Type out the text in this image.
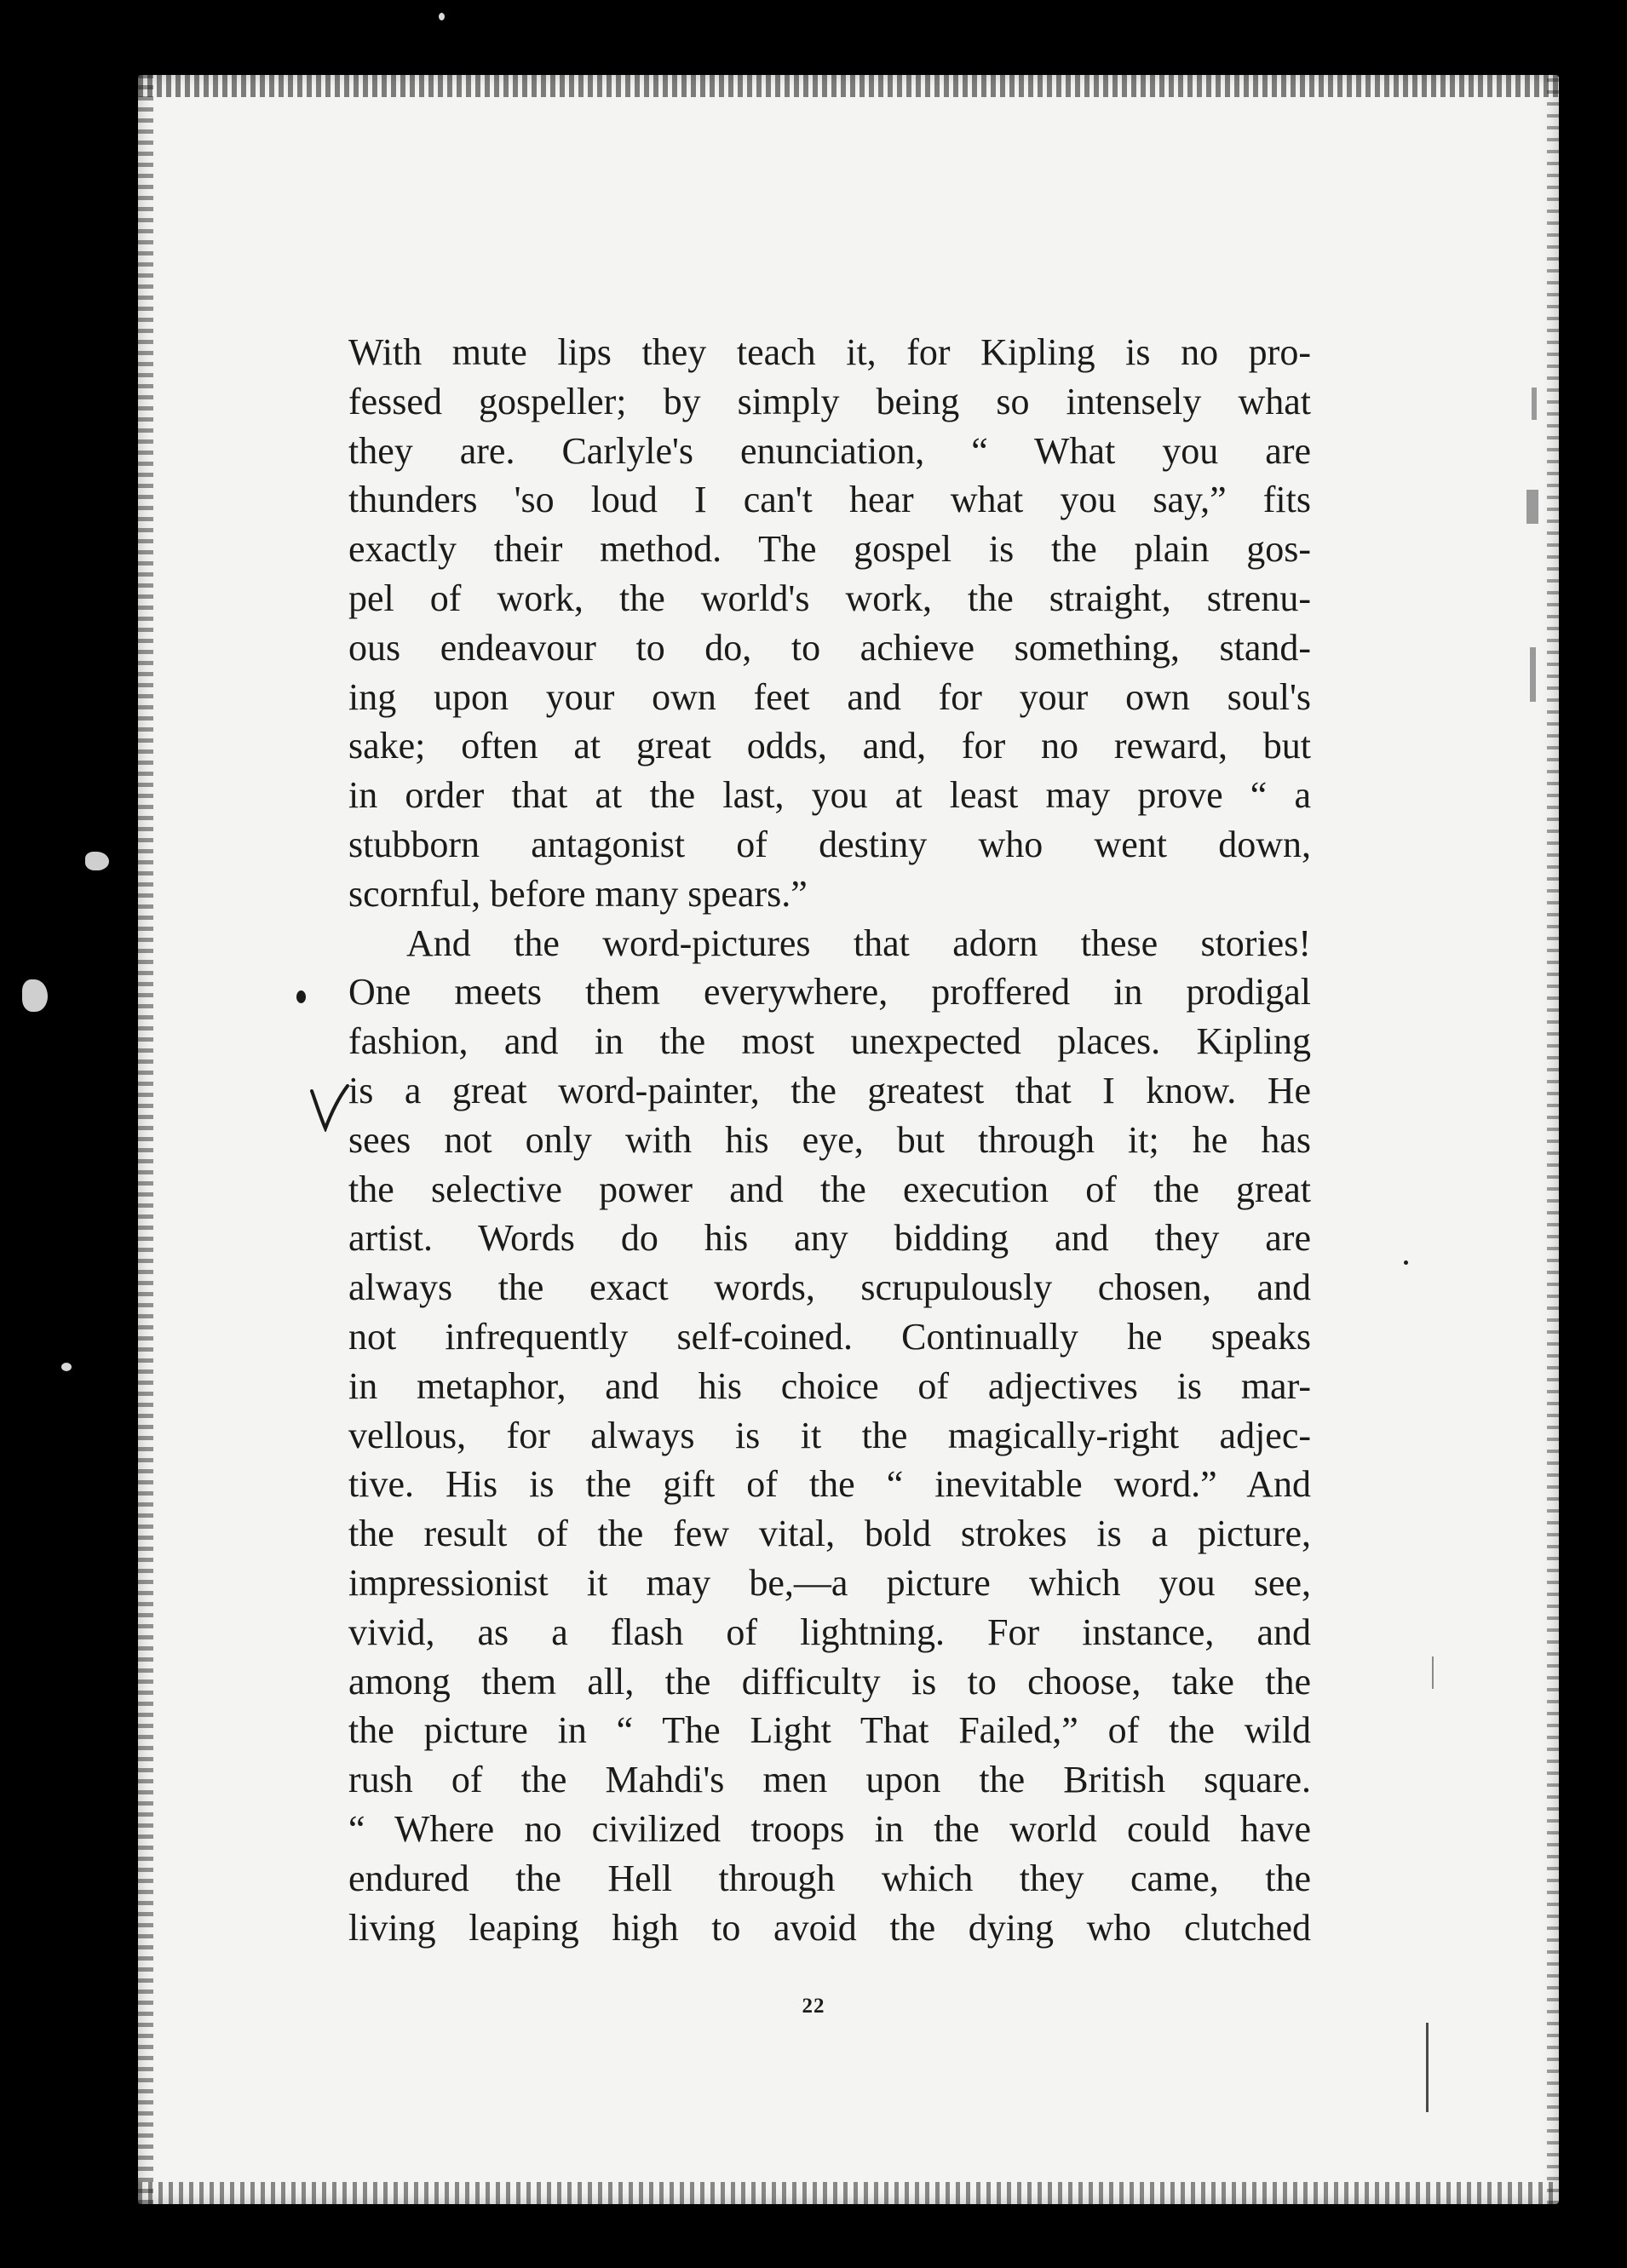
With mute lips they teach it, for Kipling is no pro-
fessed gospeller; by simply being so intensely what
they are. Carlyle's enunciation, “ What you are
thunders 'so loud I can't hear what you say,” fits
exactly their method. The gospel is the plain gos-
pel of work, the world's work, the straight, strenu-
ous endeavour to do, to achieve something, stand-
ing upon your own feet and for your own soul's
sake; often at great odds, and, for no reward, but
in order that at the last, you at least may prove “ a
stubborn antagonist of destiny who went down,
scornful, before many spears.”
And the word-pictures that adorn these stories!
One meets them everywhere, proffered in prodigal
fashion, and in the most unexpected places. Kipling
is a great word-painter, the greatest that I know. He
sees not only with his eye, but through it; he has
the selective power and the execution of the great
artist. Words do his any bidding and they are
always the exact words, scrupulously chosen, and
not infrequently self-coined. Continually he speaks
in metaphor, and his choice of adjectives is mar-
vellous, for always is it the magically-right adjec-
tive. His is the gift of the “ inevitable word.” And
the result of the few vital, bold strokes is a picture,
impressionist it may be,—a picture which you see,
vivid, as a flash of lightning. For instance, and
among them all, the difficulty is to choose, take the
the picture in “ The Light That Failed,” of the wild
rush of the Mahdi's men upon the British square.
“ Where no civilized troops in the world could have
endured the Hell through which they came, the
living leaping high to avoid the dying who clutched
22
